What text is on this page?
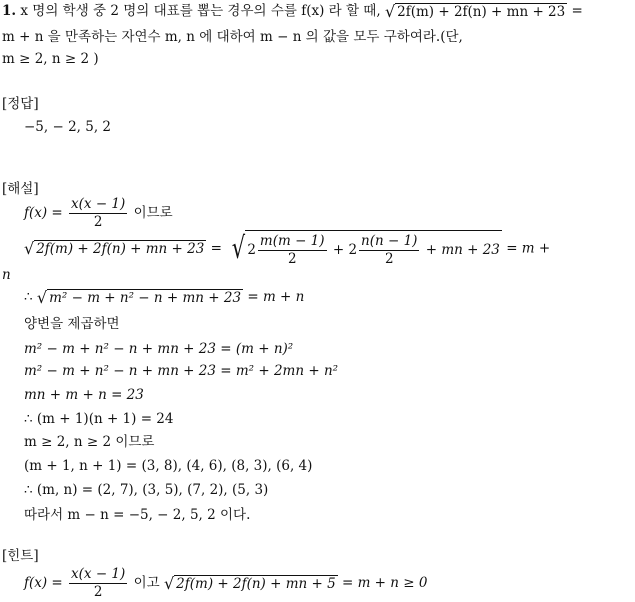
1. x 명의 학생 중 2 명의 대표를 뽑는 경우의 수를 f(x) 라 할 때, √ 2f(m) + 2f(n) + mn + 23 =
m + n 을 만족하는 자연수 m, n 에 대하여 m − n 의 값을 모두 구하여라.(단,
m ≥ 2, n ≥ 2 )
[정답]
−5, − 2, 5, 2
[해설]
$f(x) = \frac{x(x - 1)}{2}$ 이므로
√ 2f(m) + 2f(n) + mn + 23 = √ $2 \frac{m(m - 1)}{2} + 2 \frac{n(n - 1)}{2}$ + mn + 23 = m +
n
∴ √ m² − m + n² − n + mn + 23 = m + n
양변을 제곱하면
m² − m + n² − n + mn + 23 = (m + n)²
m² − m + n² − n + mn + 23 = m² + 2mn + n²
mn + m + n = 23
∴ (m + 1)(n + 1) = 24
m ≥ 2, n ≥ 2 이므로
(m + 1, n + 1) = (3, 8), (4, 6), (8, 3), (6, 4)
∴ (m, n) = (2, 7), (3, 5), (7, 2), (5, 3)
따라서 m − n = −5, − 2, 5, 2 이다.
[힌트]
$f(x) = \frac{x(x - 1)}{2}$ 이고 √ 2f(m) + 2f(n) + mn + 5 = m + n ≥ 0
